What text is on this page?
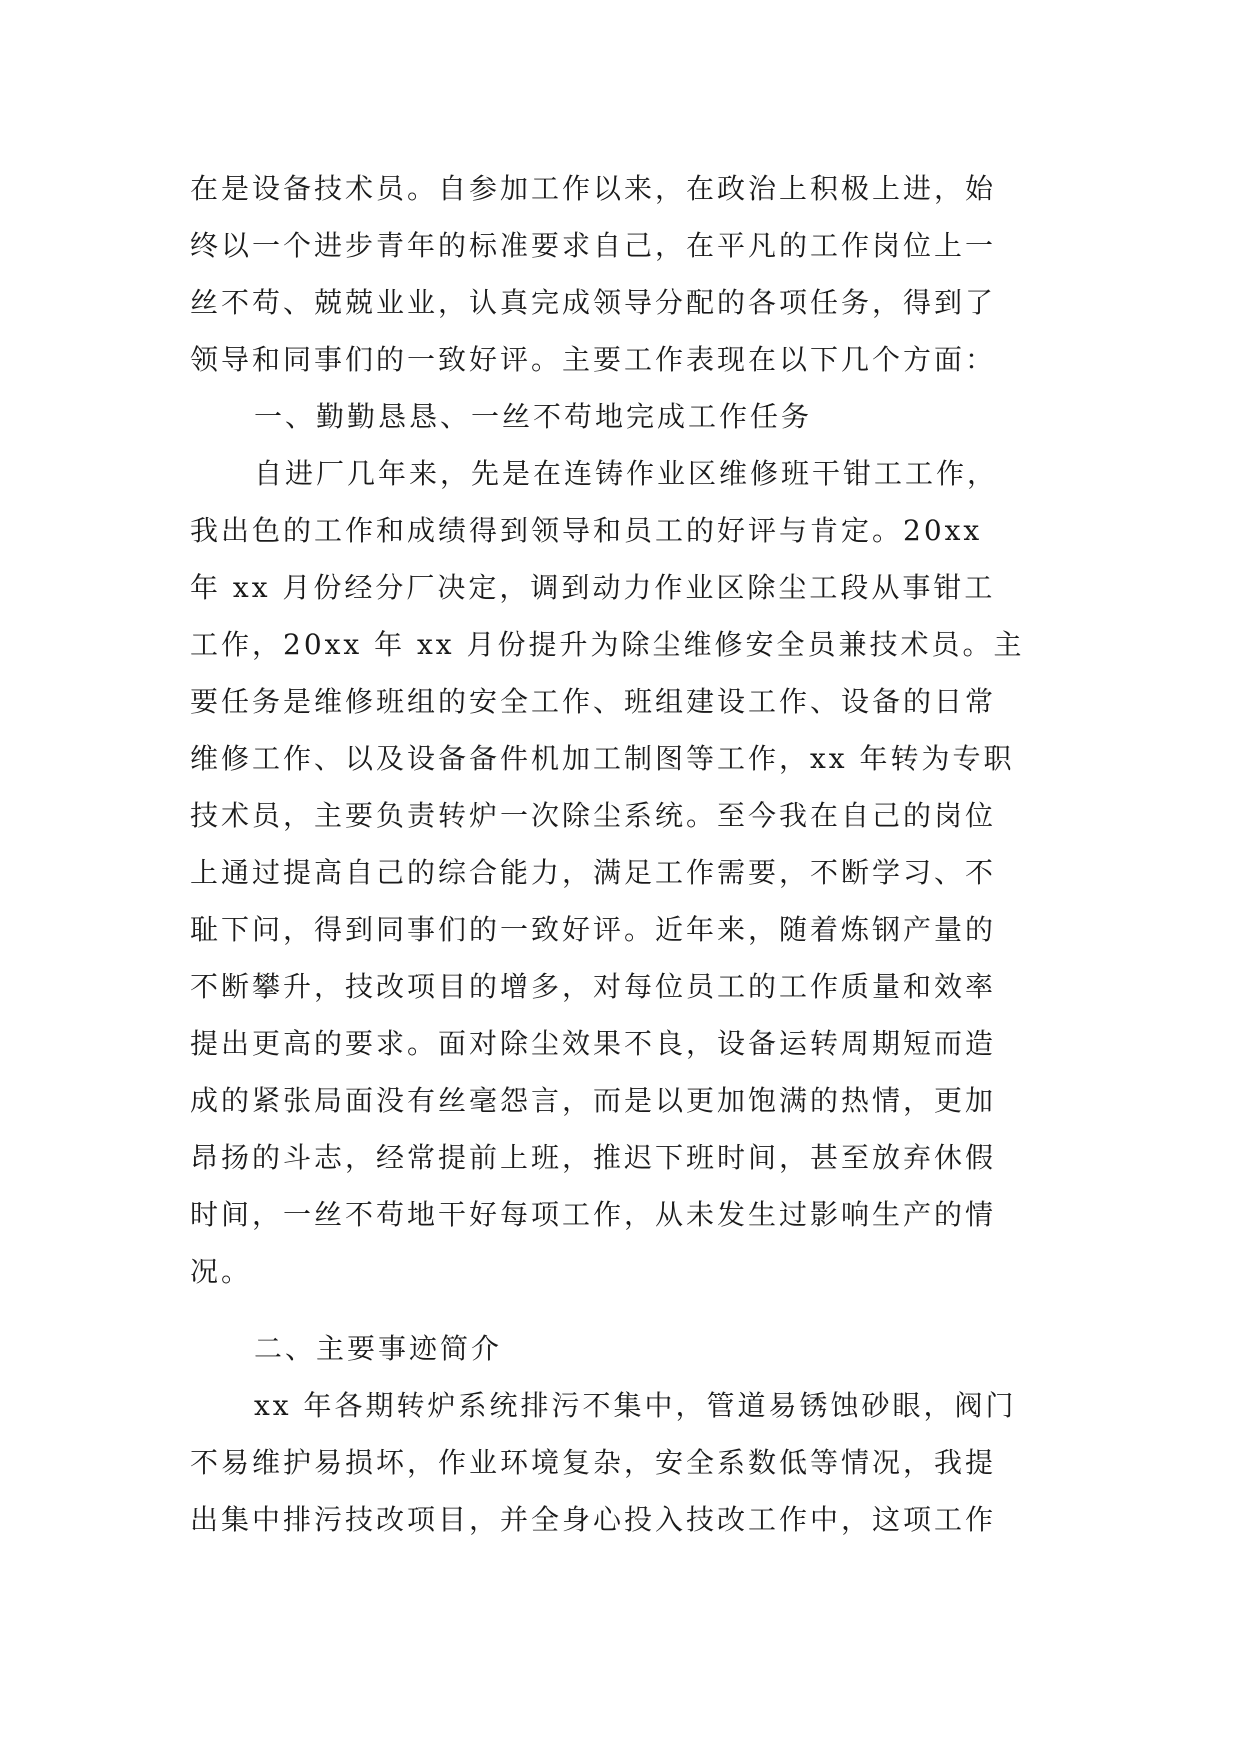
在是设备技术员。自参加工作以来，在政治上积极上进，始
终以一个进步青年的标准要求自己，在平凡的工作岗位上一
丝不苟、兢兢业业，认真完成领导分配的各项任务，得到了
领导和同事们的一致好评。主要工作表现在以下几个方面：
一、勤勤恳恳、一丝不苟地完成工作任务
自进厂几年来，先是在连铸作业区维修班干钳工工作，
我出色的工作和成绩得到领导和员工的好评与肯定。20xx
年 xx 月份经分厂决定，调到动力作业区除尘工段从事钳工
工作，20xx 年 xx 月份提升为除尘维修安全员兼技术员。主
要任务是维修班组的安全工作、班组建设工作、设备的日常
维修工作、以及设备备件机加工制图等工作，xx 年转为专职
技术员，主要负责转炉一次除尘系统。至今我在自己的岗位
上通过提高自己的综合能力，满足工作需要，不断学习、不
耻下问，得到同事们的一致好评。近年来，随着炼钢产量的
不断攀升，技改项目的增多，对每位员工的工作质量和效率
提出更高的要求。面对除尘效果不良，设备运转周期短而造
成的紧张局面没有丝毫怨言，而是以更加饱满的热情，更加
昂扬的斗志，经常提前上班，推迟下班时间，甚至放弃休假
时间，一丝不苟地干好每项工作，从未发生过影响生产的情
况。
二、主要事迹简介
xx 年各期转炉系统排污不集中，管道易锈蚀砂眼，阀门
不易维护易损坏，作业环境复杂，安全系数低等情况，我提
出集中排污技改项目，并全身心投入技改工作中，这项工作
